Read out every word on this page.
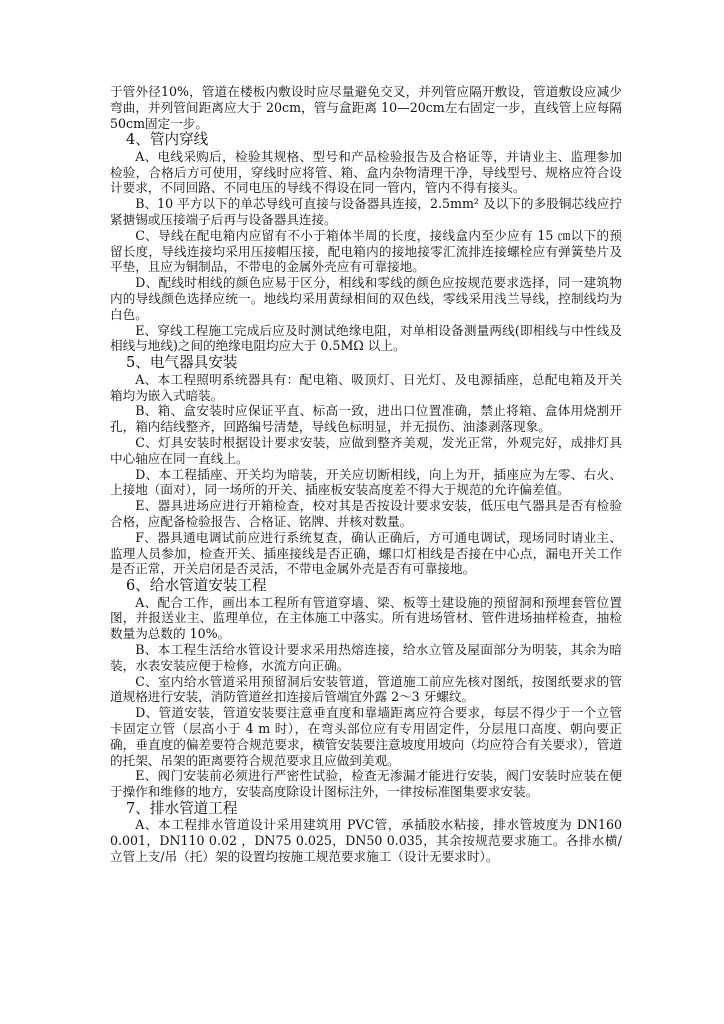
于管外径10%，管道在楼板内敷设时应尽量避免交叉，并列管应隔开敷设，管道敷设应减少弯曲，并列管间距离应大于 20cm，管与盒距离 10—20cm左右固定一步，直线管上应每隔 50cm固定一步。

4、管内穿线

A、电线采购后，检验其规格、型号和产品检验报告及合格证等，并请业主、监理参加检验，合格后方可使用，穿线时应将管、箱、盒内杂物清理干净，导线型号、规格应符合设计要求，不同回路、不同电压的导线不得设在同一管内，管内不得有接头。

B、10 平方以下的单芯导线可直接与设备器具连接，2.5mm² 及以下的多股铜芯线应拧紧搪锡或压接端子后再与设备器具连接。

C、导线在配电箱内应留有不小于箱体半周的长度，接线盒内至少应有 15 ㎝以下的预留长度，导线连接均采用压接帽压接，配电箱内的接地接零汇流排连接螺栓应有弹簧垫片及平垫，且应为铜制品，不带电的金属外壳应有可靠接地。

D、配线时相线的颜色应易于区分，相线和零线的颜色应按规范要求选择，同一建筑物内的导线颜色选择应统一。地线均采用黄绿相间的双色线，零线采用浅兰导线，控制线均为白色。

E、穿线工程施工完成后应及时测试绝缘电阻，对单相设备测量两线(即相线与中性线及相线与地线)之间的绝缘电阻均应大于 0.5MΩ 以上。

5、电气器具安装

A、本工程照明系统器具有：配电箱、吸顶灯、日光灯、及电源插座，总配电箱及开关箱均为嵌入式暗装。

B、箱、盒安装时应保证平直、标高一致，进出口位置准确，禁止将箱、盒体用烧割开孔，箱内结线整齐，回路编号清楚，导线色标明显，并无损伤、油漆剥落现象。

C、灯具安装时根据设计要求安装，应做到整齐美观，发光正常，外观完好，成排灯具中心轴应在同一直线上。

D、本工程插座、开关均为暗装，开关应切断相线，向上为开，插座应为左零、右火、上接地（面对），同一场所的开关、插座板安装高度差不得大于规范的允许偏差值。

E、器具进场应进行开箱检查，校对其是否按设计要求安装，低压电气器具是否有检验合格，应配备检验报告、合格证、铭牌、并核对数量。

F、器具通电调试前应进行系统复查，确认正确后，方可通电调试，现场同时请业主、监理人员参加，检查开关、插座接线是否正确，螺口灯相线是否接在中心点，漏电开关工作是否正常，开关启闭是否灵活，不带电金属外壳是否有可靠接地。

6、给水管道安装工程

A、配合工作，画出本工程所有管道穿墙、梁、板等土建设施的预留洞和预埋套管位置图，并报送业主、监理单位，在主体施工中落实。所有进场管材、管件进场抽样检查，抽检数量为总数的 10%。

B、本工程生活给水管设计要求采用热熔连接，给水立管及屋面部分为明装，其余为暗装，水表安装应便于检修，水流方向正确。

C、室内给水管道采用预留洞后安装管道，管道施工前应先核对图纸，按图纸要求的管道规格进行安装，消防管道丝扣连接后管端宜外露 2～3 牙螺纹。

D、管道安装，管道安装要注意垂直度和靠墙距离应符合要求，每层不得少于一个立管卡固定立管（层高小于 4 m 时），在弯头部位应有专用固定件，分层甩口高度、朝向要正确，垂直度的偏差要符合规范要求，横管安装要注意坡度用坡向（均应符合有关要求），管道的托架、吊架的距离要符合规范要求且应做到美观。

E、阀门安装前必须进行严密性试验，检查无渗漏才能进行安装，阀门安装时应装在便于操作和维修的地方，安装高度除设计图标注外，一律按标准图集要求安装。

7、排水管道工程

A、本工程排水管道设计采用建筑用 PVC管，承插胶水粘接，排水管坡度为 DN160 0.001，DN110 0.02 ，DN75 0.025，DN50 0.035，其余按规范要求施工。各排水横/立管上支/吊（托）架的设置均按施工规范要求施工（设计无要求时）。
